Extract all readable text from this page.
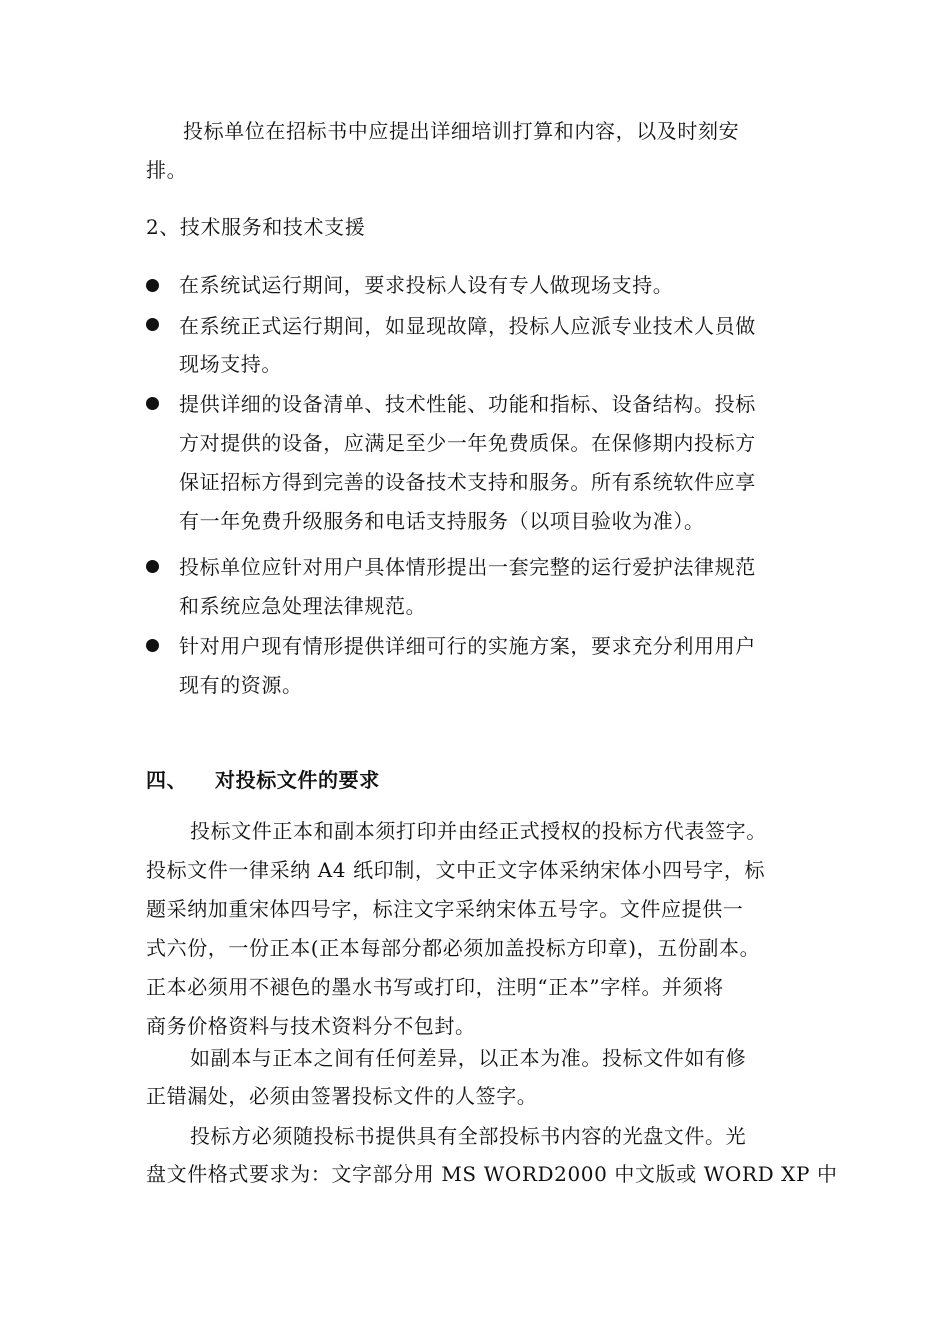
投标单位在招标书中应提出详细培训打算和内容，以及时刻安
排。
2、技术服务和技术支援
在系统试运行期间，要求投标人设有专人做现场支持。
在系统正式运行期间，如显现故障，投标人应派专业技术人员做
现场支持。
提供详细的设备清单、技术性能、功能和指标、设备结构。投标
方对提供的设备，应满足至少一年免费质保。在保修期内投标方
保证招标方得到完善的设备技术支持和服务。所有系统软件应享
有一年免费升级服务和电话支持服务（以项目验收为准）。
投标单位应针对用户具体情形提出一套完整的运行爱护法律规范
和系统应急处理法律规范。
针对用户现有情形提供详细可行的实施方案，要求充分利用用户
现有的资源。
四、 对投标文件的要求
投标文件正本和副本须打印并由经正式授权的投标方代表签字。
投标文件一律采纳 A4 纸印制，文中正文字体采纳宋体小四号字，标
题采纳加重宋体四号字，标注文字采纳宋体五号字。文件应提供一
式六份，一份正本(正本每部分都必须加盖投标方印章)，五份副本。
正本必须用不褪色的墨水书写或打印，注明“正本”字样。并须将
商务价格资料与技术资料分不包封。
如副本与正本之间有任何差异，以正本为准。投标文件如有修
正错漏处，必须由签署投标文件的人签字。
投标方必须随投标书提供具有全部投标书内容的光盘文件。光
盘文件格式要求为：文字部分用 MS WORD2000 中文版或 WORD XP 中
